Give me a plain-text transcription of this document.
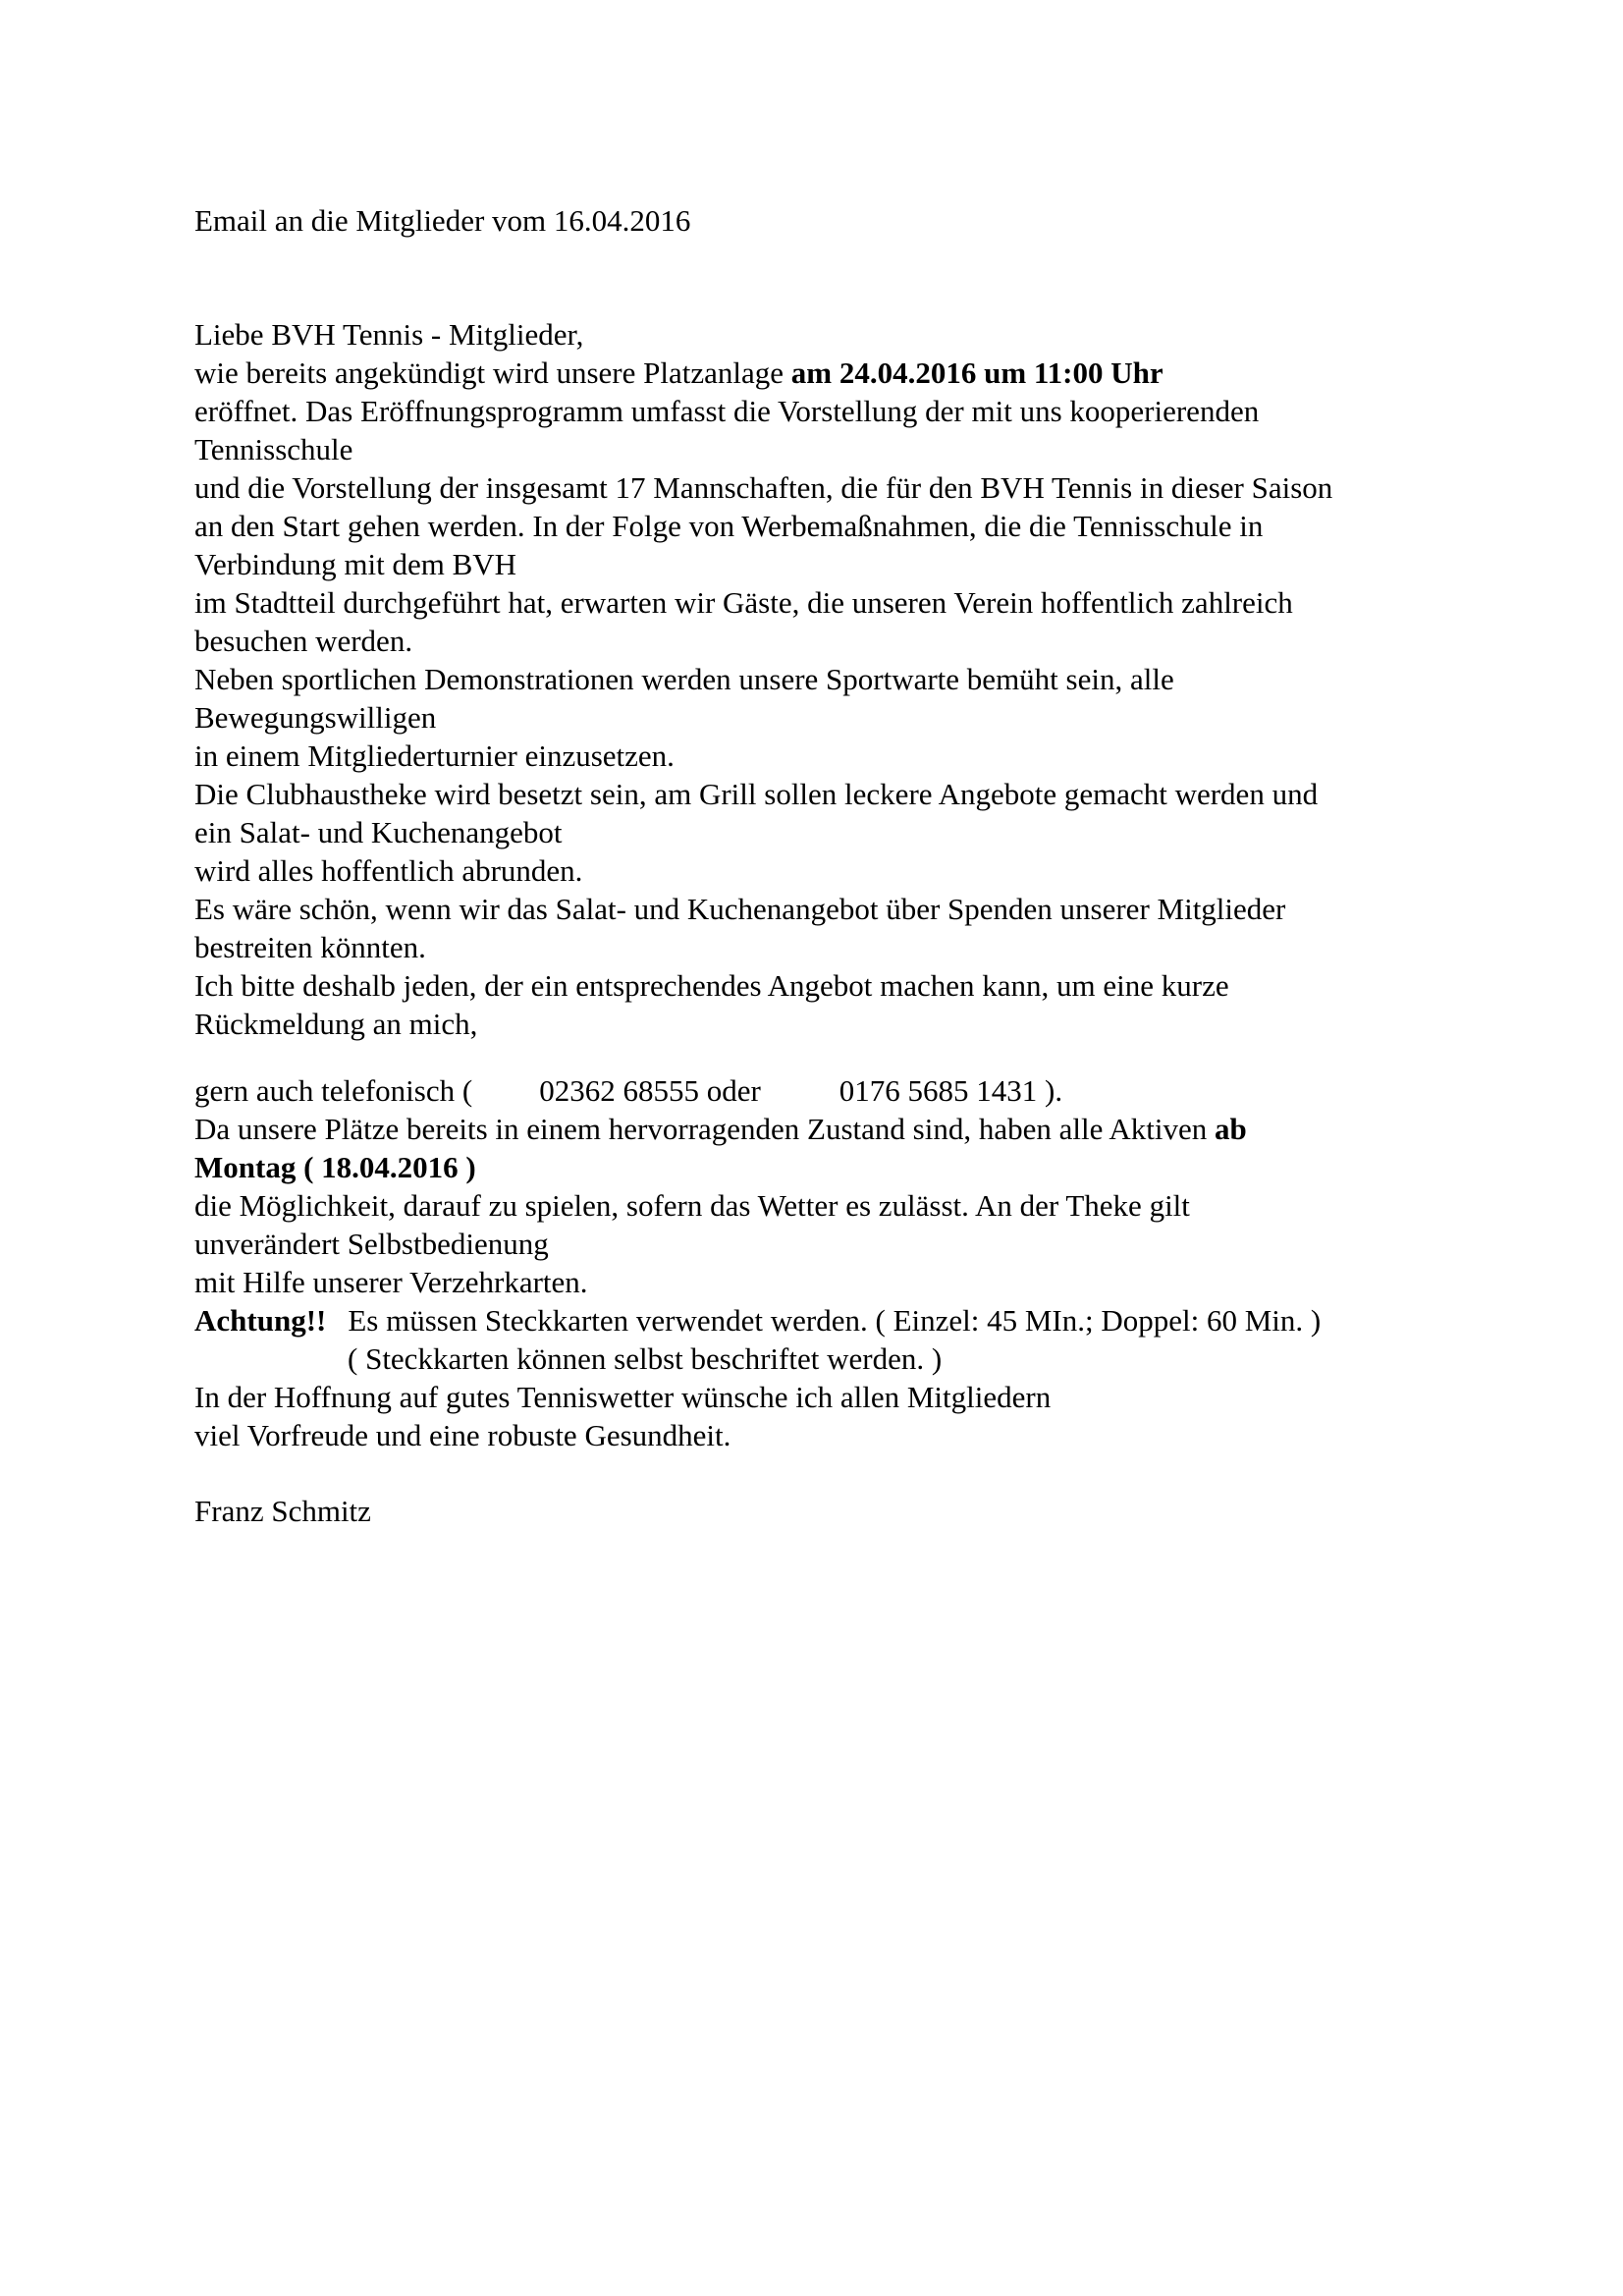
Email an die Mitglieder vom 16.04.2016

Liebe BVH Tennis - Mitglieder,

wie bereits angekündigt wird unsere Platzanlage am 24.04.2016 um 11:00 Uhr

eröffnet. Das Eröffnungsprogramm umfasst die Vorstellung der mit uns kooperierenden

Tennisschule

und die Vorstellung der insgesamt 17 Mannschaften, die für den BVH Tennis in dieser Saison

an den Start gehen werden. In der Folge von Werbemaßnahmen, die die Tennisschule in

Verbindung mit dem BVH

im Stadtteil durchgeführt hat, erwarten wir Gäste, die unseren Verein hoffentlich zahlreich

besuchen werden.

Neben sportlichen Demonstrationen werden unsere Sportwarte bemüht sein, alle

Bewegungswilligen

in einem Mitgliederturnier einzusetzen.

Die Clubhaustheke wird besetzt sein, am Grill sollen leckere Angebote gemacht werden und

ein Salat- und Kuchenangebot

wird alles hoffentlich abrunden.

Es wäre schön, wenn wir das Salat- und Kuchenangebot über Spenden unserer Mitglieder

bestreiten könnten.

Ich bitte deshalb jeden, der ein entsprechendes Angebot machen kann, um eine kurze

Rückmeldung an mich,

gern auch telefonisch ( 02362 68555 oder	0176 5685 1431 ).

Da unsere Plätze bereits in einem hervorragenden Zustand sind, haben alle Aktiven ab

Montag ( 18.04.2016 )

die Möglichkeit, darauf zu spielen, sofern das Wetter es zulässt. An der Theke gilt

unverändert Selbstbedienung

mit Hilfe unserer Verzehrkarten.

Achtung!! Es müssen Steckkarten verwendet werden. ( Einzel: 45 MIn.; Doppel: 60 Min. )

( Steckkarten können selbst beschriftet werden. )

In der Hoffnung auf gutes Tenniswetter wünsche ich allen Mitgliedern

viel Vorfreude und eine robuste Gesundheit.

Franz Schmitz
